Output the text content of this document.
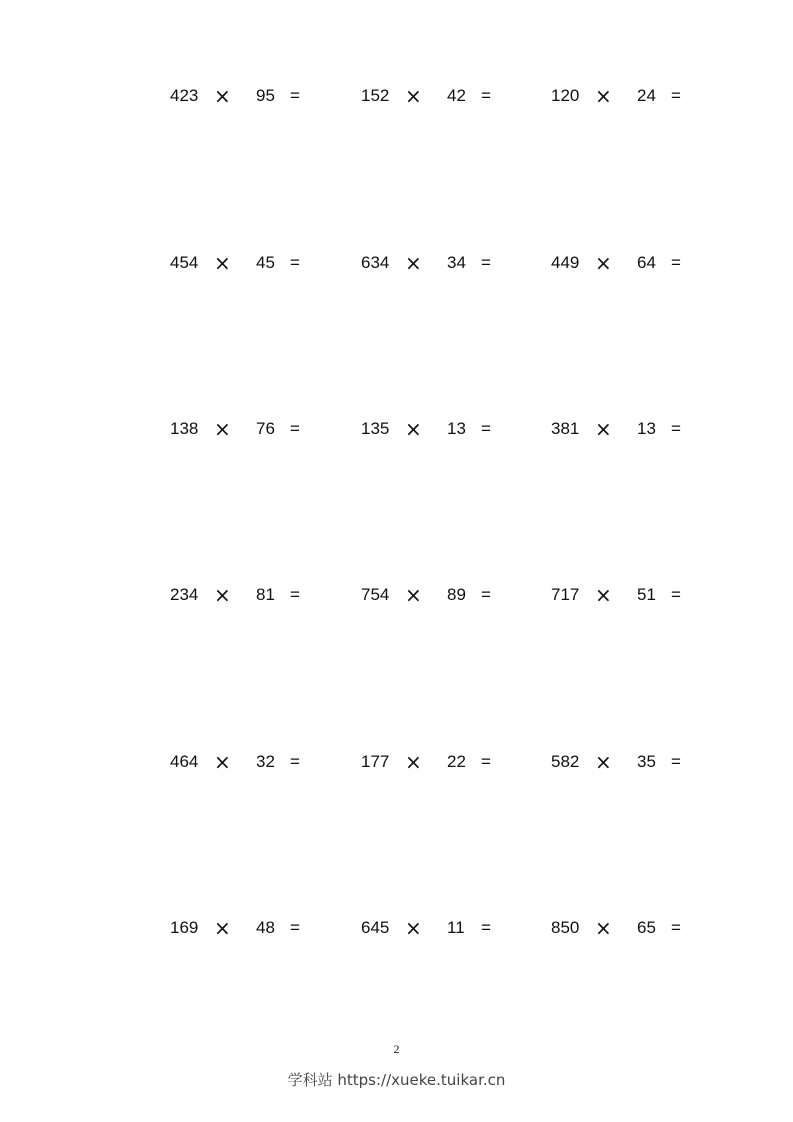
423 × 95 =	152 × 42 =	120 × 24 =
454 × 45 =	634 × 34 =	449 × 64 =
138 × 76 =	135 × 13 =	381 × 13 =
234 × 81 =	754 × 89 =	717 × 51 =
464 × 32 =	177 × 22 =	582 × 35 =
169 × 48 =	645 × 11 =	850 × 65 =
2
学科站 https://xueke.tuikar.cn
